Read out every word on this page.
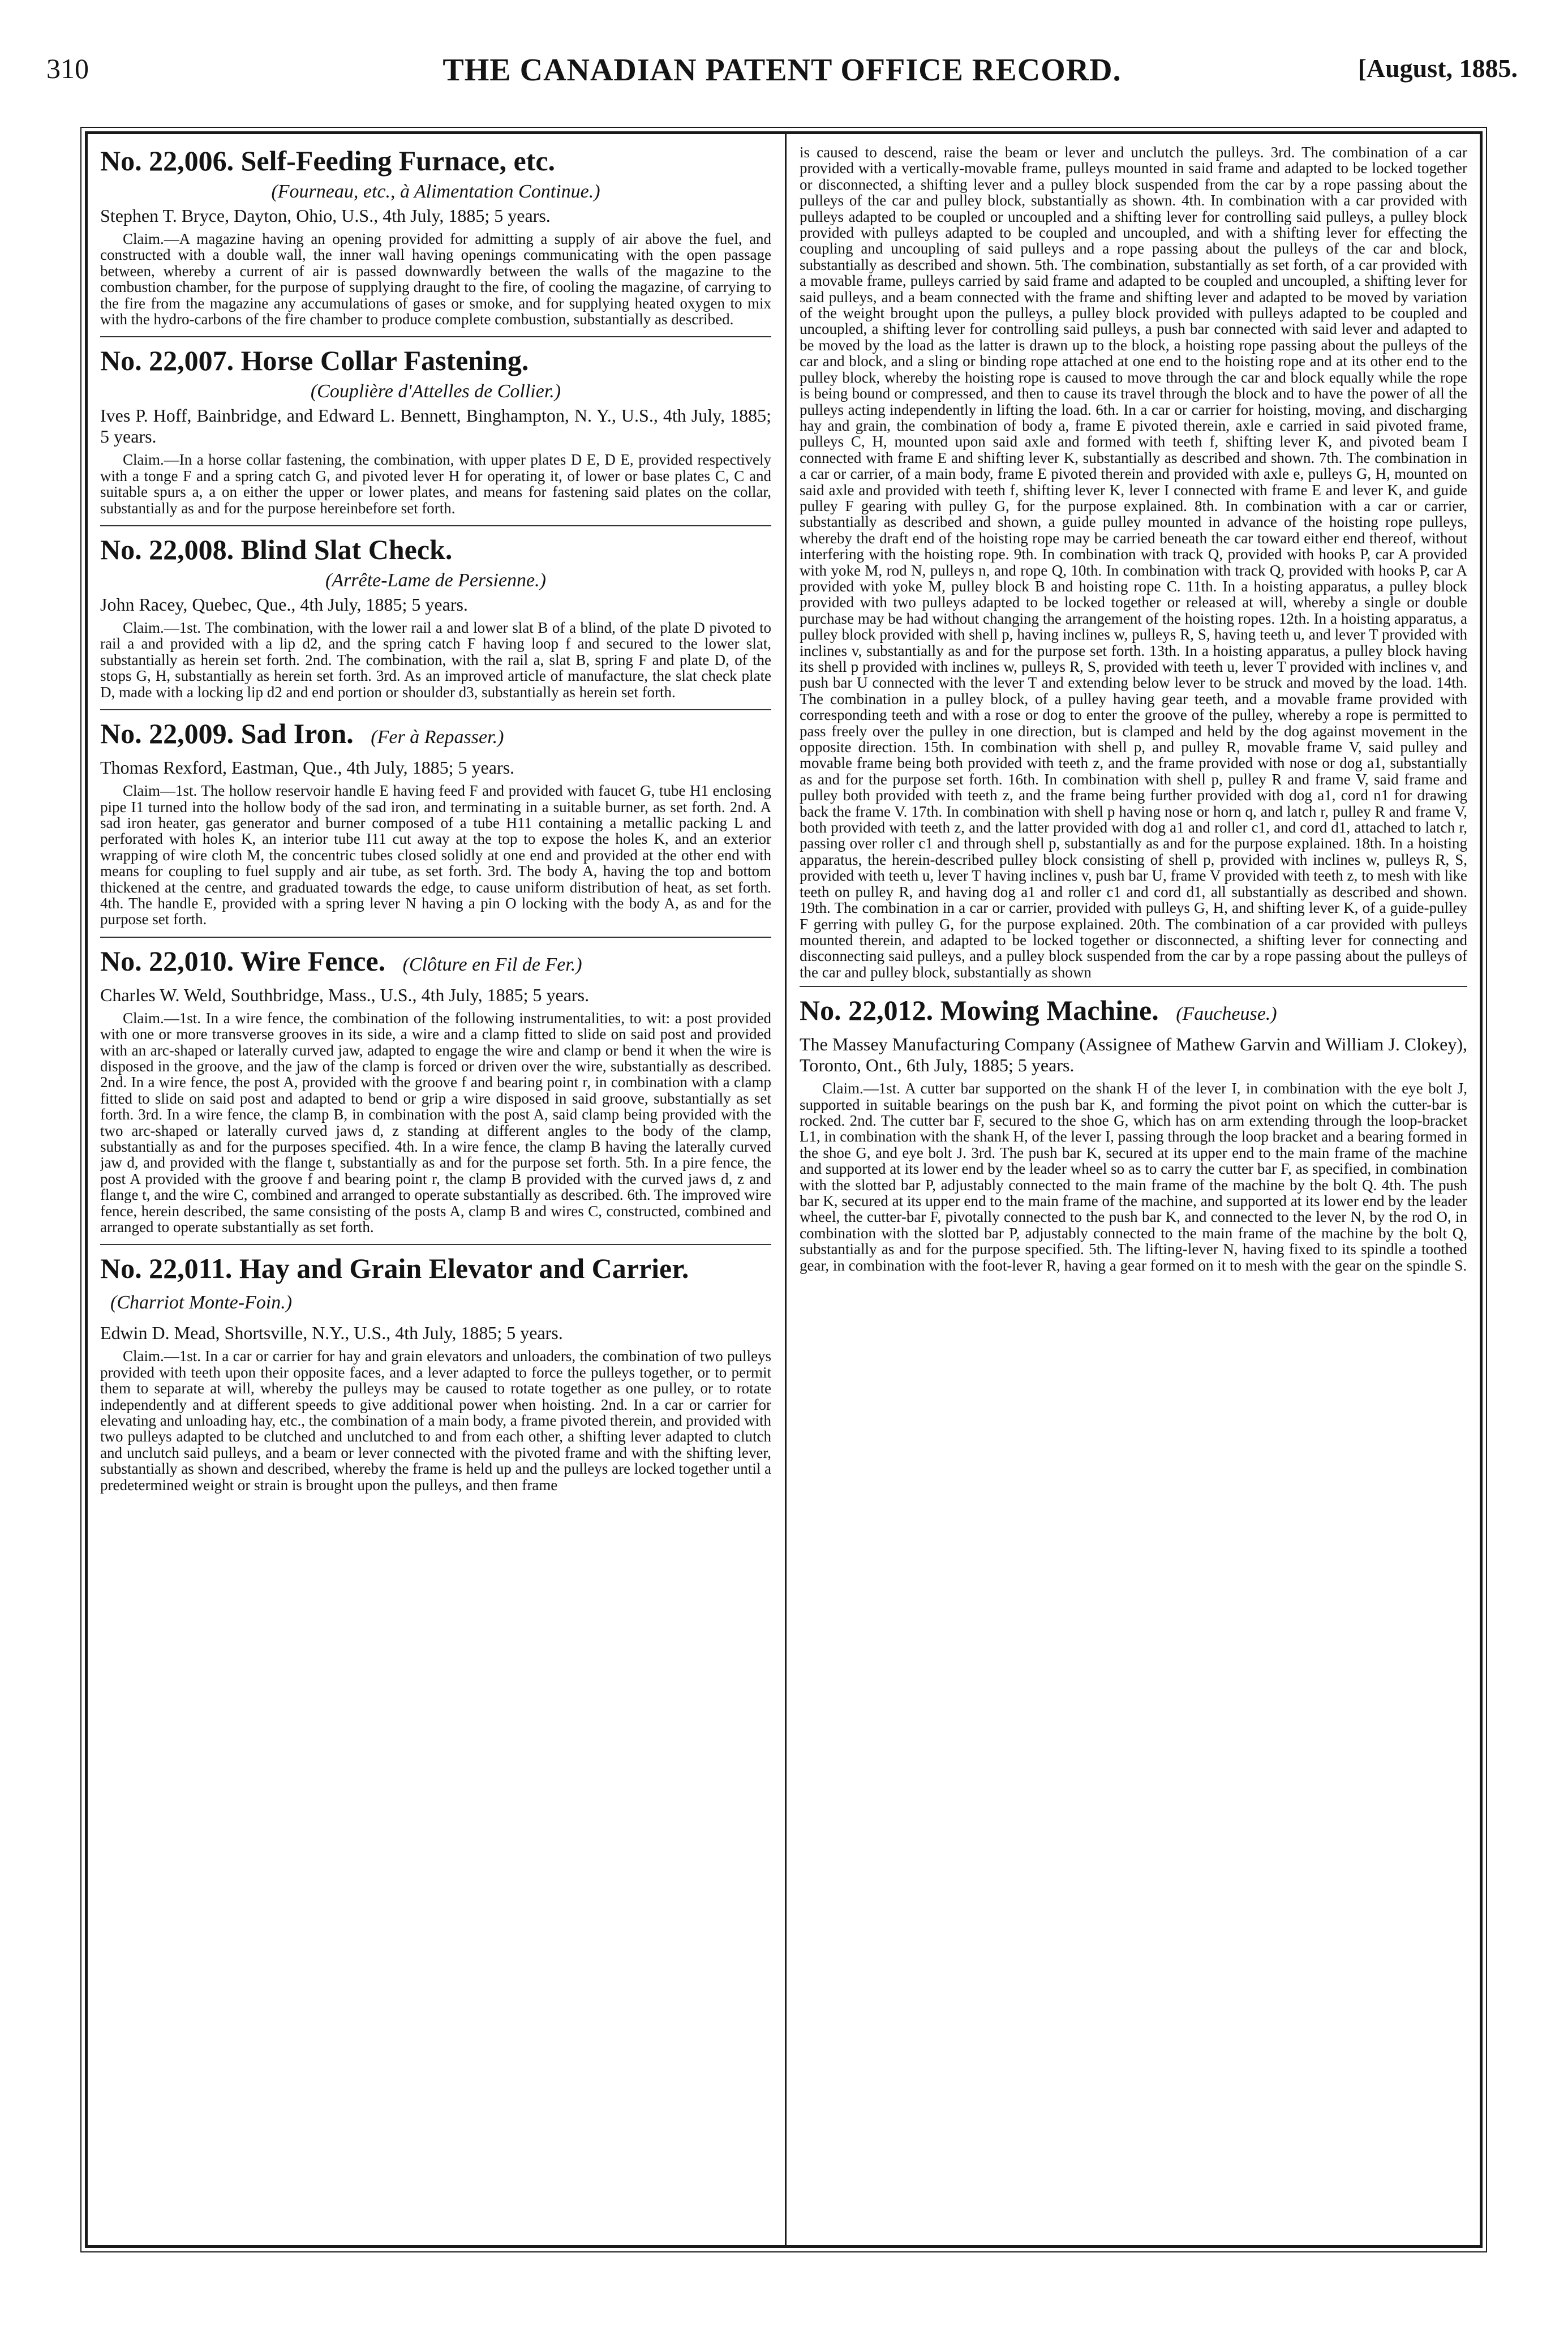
310	THE CANADIAN PATENT OFFICE RECORD.	[August, 1885.
No. 22,006. Self-Feeding Furnace, etc.
(Fourneau, etc., à Alimentation Continue.)

Stephen T. Bryce, Dayton, Ohio, U.S., 4th July, 1885; 5 years.

Claim.—A magazine having an opening provided for admitting a supply of air above the fuel, and constructed with a double wall, the inner wall having openings communicating with the open passage between, whereby a current of air is passed downwardly between the walls of the magazine to the combustion chamber, for the purpose of supplying draught to the fire, of cooling the magazine, of carrying to the fire from the magazine any accumulations of gases or smoke, and for supplying heated oxygen to mix with the hydro-carbons of the fire chamber to produce complete combustion, substantially as described.

No. 22,007. Horse Collar Fastening.
(Couplière d'Attelles de Collier.)

Ives P. Hoff, Bainbridge, and Edward L. Bennett, Binghampton, N. Y., U.S., 4th July, 1885; 5 years.

Claim.—In a horse collar fastening, the combination, with upper plates D E, D E, provided respectively with a tonge F and a spring catch G, and pivoted lever H for operating it, of lower or base plates C, C and suitable spurs a, a on either the upper or lower plates, and means for fastening said plates on the collar, substantially as and for the purpose hereinbefore set forth.

No. 22,008. Blind Slat Check.
(Arrête-Lame de Persienne.)

John Racey, Quebec, Que., 4th July, 1885; 5 years.

Claim.—1st. The combination, with the lower rail a and lower slat B of a blind, of the plate D pivoted to rail a and provided with a lip d2, and the spring catch F having loop f and secured to the lower slat, substantially as herein set forth. 2nd. The combination, with the rail a, slat B, spring F and plate D, of the stops G, H, substantially as herein set forth. 3rd. As an improved article of manufacture, the slat check plate D, made with a locking lip d2 and end portion or shoulder d3, substantially as herein set forth.

No. 22,009. Sad Iron. (Fer à Repasser.)

Thomas Rexford, Eastman, Que., 4th July, 1885; 5 years.

Claim—1st. The hollow reservoir handle E having feed F and provided with faucet G, tube H1 enclosing pipe I1 turned into the hollow body of the sad iron, and terminating in a suitable burner, as set forth. 2nd. A sad iron heater, gas generator and burner composed of a tube H11 containing a metallic packing L and perforated with holes K, an interior tube I11 cut away at the top to expose the holes K, and an exterior wrapping of wire cloth M, the concentric tubes closed solidly at one end and provided at the other end with means for coupling to fuel supply and air tube, as set forth. 3rd. The body A, having the top and bottom thickened at the centre, and graduated towards the edge, to cause uniform distribution of heat, as set forth. 4th. The handle E, provided with a spring lever N having a pin O locking with the body A, as and for the purpose set forth.

No. 22,010. Wire Fence. (Clôture en Fil de Fer.)

Charles W. Weld, Southbridge, Mass., U.S., 4th July, 1885; 5 years.

Claim.—1st. In a wire fence, the combination of the following instrumentalities, to wit: a post provided with one or more transverse grooves in its side, a wire and a clamp fitted to slide on said post and provided with an arc-shaped or laterally curved jaw, adapted to engage the wire and clamp or bend it when the wire is disposed in the groove, and the jaw of the clamp is forced or driven over the wire, substantially as described. 2nd. In a wire fence, the post A, provided with the groove f and bearing point r, in combination with a clamp fitted to slide on said post and adapted to bend or grip a wire disposed in said groove, substantially as set forth. 3rd. In a wire fence, the clamp B, in combination with the post A, said clamp being provided with the two arc-shaped or laterally curved jaws d, z standing at different angles to the body of the clamp, substantially as and for the purposes specified. 4th. In a wire fence, the clamp B having the laterally curved jaw d, and provided with the flange t, substantially as and for the purpose set forth. 5th. In a pire fence, the post A provided with the groove f and bearing point r, the clamp B provided with the curved jaws d, z and flange t, and the wire C, combined and arranged to operate substantially as described. 6th. The improved wire fence, herein described, the same consisting of the posts A, clamp B and wires C, constructed, combined and arranged to operate substantially as set forth.

No. 22,011. Hay and Grain Elevator and Carrier. (Charriot Monte-Foin.)

Edwin D. Mead, Shortsville, N.Y., U.S., 4th July, 1885; 5 years.

Claim.—1st. In a car or carrier for hay and grain elevators and unloaders, the combination of two pulleys provided with teeth upon their opposite faces, and a lever adapted to force the pulleys together, or to permit them to separate at will, whereby the pulleys may be caused to rotate together as one pulley, or to rotate independently and at different speeds to give additional power when hoisting. 2nd. In a car or carrier for elevating and unloading hay, etc., the combination of a main body, a frame pivoted therein, and provided with two pulleys adapted to be clutched and unclutched to and from each other, a shifting lever adapted to clutch and unclutch said pulleys, and a beam or lever connected with the pivoted frame and with the shifting lever, substantially as shown and described, whereby the frame is held up and the pulleys are locked together until a predetermined weight or strain is brought upon the pulleys, and then frame

is caused to descend, raise the beam or lever and unclutch the pulleys. 3rd. The combination of a car provided with a vertically-movable frame, pulleys mounted in said frame and adapted to be locked together or disconnected, a shifting lever and a pulley block suspended from the car by a rope passing about the pulleys of the car and pulley block, substantially as shown. 4th. In combination with a car provided with pulleys adapted to be coupled or uncoupled and a shifting lever for controlling said pulleys, a pulley block provided with pulleys adapted to be coupled and uncoupled, and with a shifting lever for effecting the coupling and uncoupling of said pulleys and a rope passing about the pulleys of the car and block, substantially as described and shown. 5th. The combination, substantially as set forth, of a car provided with a movable frame, pulleys carried by said frame and adapted to be coupled and uncoupled, a shifting lever for said pulleys, and a beam connected with the frame and shifting lever and adapted to be moved by variation of the weight brought upon the pulleys, a pulley block provided with pulleys adapted to be coupled and uncoupled, a shifting lever for controlling said pulleys, a push bar connected with said lever and adapted to be moved by the load as the latter is drawn up to the block, a hoisting rope passing about the pulleys of the car and block, and a sling or binding rope attached at one end to the hoisting rope and at its other end to the pulley block, whereby the hoisting rope is caused to move through the car and block equally while the rope is being bound or compressed, and then to cause its travel through the block and to have the power of all the pulleys acting independently in lifting the load. 6th. In a car or carrier for hoisting, moving, and discharging hay and grain, the combination of body a, frame E pivoted therein, axle e carried in said pivoted frame, pulleys C, H, mounted upon said axle and formed with teeth f, shifting lever K, and pivoted beam I connected with frame E and shifting lever K, substantially as described and shown. 7th. The combination in a car or carrier, of a main body, frame E pivoted therein and provided with axle e, pulleys G, H, mounted on said axle and provided with teeth f, shifting lever K, lever I connected with frame E and lever K, and guide pulley F gearing with pulley G, for the purpose explained. 8th. In combination with a car or carrier, substantially as described and shown, a guide pulley mounted in advance of the hoisting rope pulleys, whereby the draft end of the hoisting rope may be carried beneath the car toward either end thereof, without interfering with the hoisting rope. 9th. In combination with track Q, provided with hooks P, car A provided with yoke M, rod N, pulleys n, and rope Q, 10th. In combination with track Q, provided with hooks P, car A provided with yoke M, pulley block B and hoisting rope C. 11th. In a hoisting apparatus, a pulley block provided with two pulleys adapted to be locked together or released at will, whereby a single or double purchase may be had without changing the arrangement of the hoisting ropes. 12th. In a hoisting apparatus, a pulley block provided with shell p, having inclines w, pulleys R, S, having teeth u, and lever T provided with inclines v, substantially as and for the purpose set forth. 13th. In a hoisting apparatus, a pulley block having its shell p provided with inclines w, pulleys R, S, provided with teeth u, lever T provided with inclines v, and push bar U connected with the lever T and extending below lever to be struck and moved by the load. 14th. The combination in a pulley block, of a pulley having gear teeth, and a movable frame provided with corresponding teeth and with a rose or dog to enter the groove of the pulley, whereby a rope is permitted to pass freely over the pulley in one direction, but is clamped and held by the dog against movement in the opposite direction. 15th. In combination with shell p, and pulley R, movable frame V, said pulley and movable frame being both provided with teeth z, and the frame provided with nose or dog a1, substantially as and for the purpose set forth. 16th. In combination with shell p, pulley R and frame V, said frame and pulley both provided with teeth z, and the frame being further provided with dog a1, cord n1 for drawing back the frame V. 17th. In combination with shell p having nose or horn q, and latch r, pulley R and frame V, both provided with teeth z, and the latter provided with dog a1 and roller c1, and cord d1, attached to latch r, passing over roller c1 and through shell p, substantially as and for the purpose explained. 18th. In a hoisting apparatus, the herein-described pulley block consisting of shell p, provided with inclines w, pulleys R, S, provided with teeth u, lever T having inclines v, push bar U, frame V provided with teeth z, to mesh with like teeth on pulley R, and having dog a1 and roller c1 and cord d1, all substantially as described and shown. 19th. The combination in a car or carrier, provided with pulleys G, H, and shifting lever K, of a guide-pulley F gerring with pulley G, for the purpose explained. 20th. The combination of a car provided with pulleys mounted therein, and adapted to be locked together or disconnected, a shifting lever for connecting and disconnecting said pulleys, and a pulley block suspended from the car by a rope passing about the pulleys of the car and pulley block, substantially as shown

No. 22,012. Mowing Machine. (Faucheuse.)

The Massey Manufacturing Company (Assignee of Mathew Garvin and William J. Clokey), Toronto, Ont., 6th July, 1885; 5 years.

Claim.—1st. A cutter bar supported on the shank H of the lever I, in combination with the eye bolt J, supported in suitable bearings on the push bar K, and forming the pivot point on which the cutter-bar is rocked. 2nd. The cutter bar F, secured to the shoe G, which has on arm extending through the loop-bracket L1, in combination with the shank H, of the lever I, passing through the loop bracket and a bearing formed in the shoe G, and eye bolt J. 3rd. The push bar K, secured at its upper end to the main frame of the machine and supported at its lower end by the leader wheel so as to carry the cutter bar F, as specified, in combination with the slotted bar P, adjustably connected to the main frame of the machine by the bolt Q. 4th. The push bar K, secured at its upper end to the main frame of the machine, and supported at its lower end by the leader wheel, the cutter-bar F, pivotally connected to the push bar K, and connected to the lever N, by the rod O, in combination with the slotted bar P, adjustably connected to the main frame of the machine by the bolt Q, substantially as and for the purpose specified. 5th. The lifting-lever N, having fixed to its spindle a toothed gear, in combination with the foot-lever R, having a gear formed on it to mesh with the gear on the spindle S.
